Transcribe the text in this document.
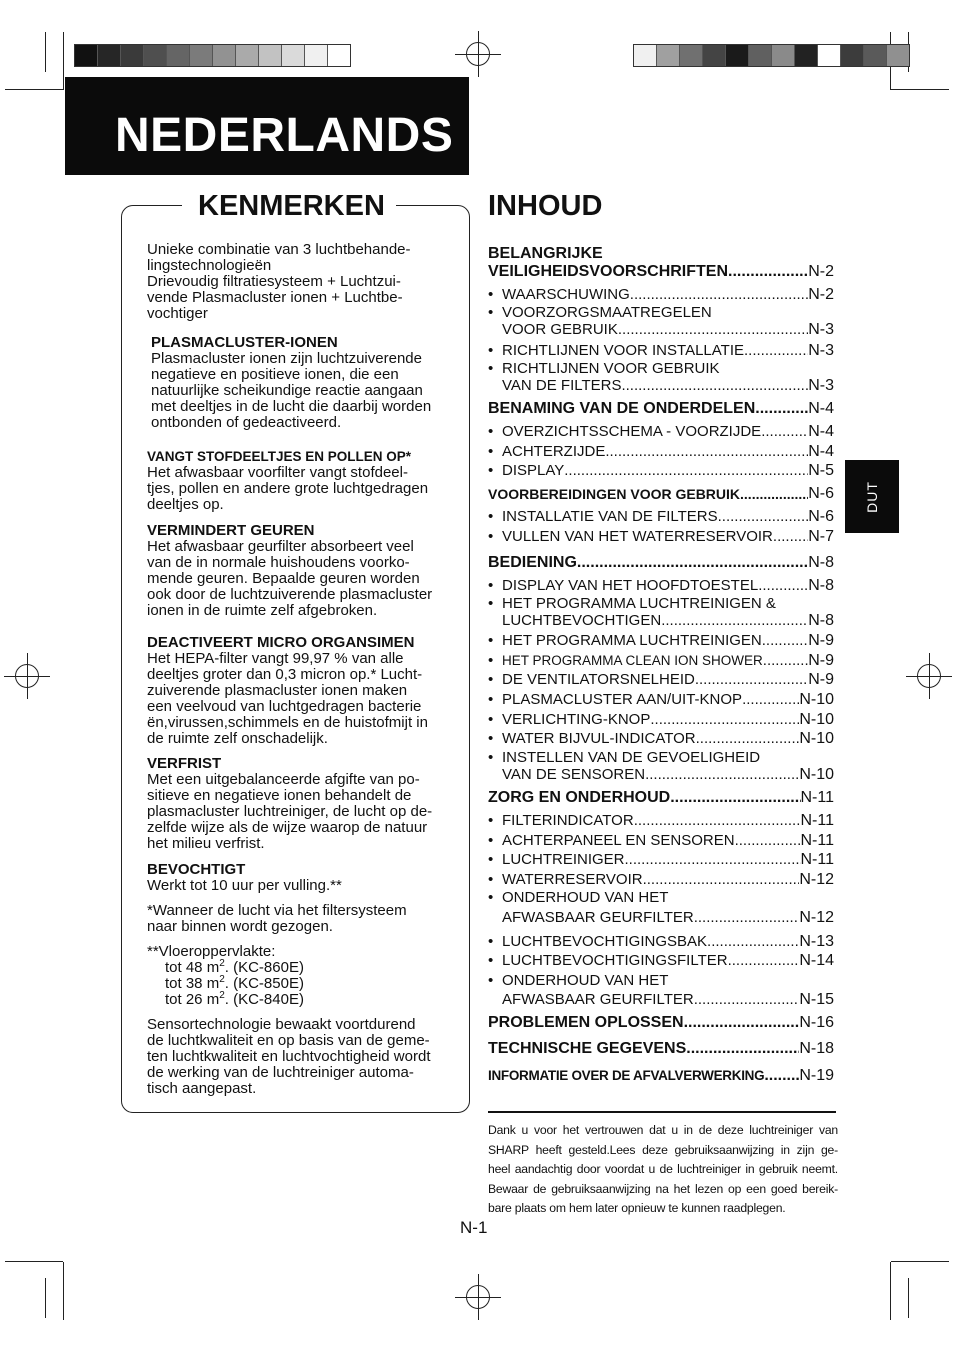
NEDERLANDS
KENMERKEN	INHOUD

Unieke combinatie van 3 luchtbehande-

lingstechnologieën

Drievoudig filtratiesysteem + Luchtzui-

vende Plasmacluster ionen + Luchtbe-

vochtiger

PLASMACLUSTER-IONEN

Plasmacluster ionen zijn luchtzuiverende

negatieve en positieve ionen, die een

natuurlijke scheikundige reactie aangaan

met deeltjes in de lucht die daarbij worden

ontbonden of gedeactiveerd.

VANGT STOFDEELTJES EN POLLEN OP*

Het afwasbaar voorfilter vangt stofdeel-

tjes, pollen en andere grote luchtgedragen

deeltjes op.

VERMINDERT GEUREN

Het afwasbaar geurfilter absorbeert veel

van de in normale huishoudens voorko-

mende geuren. Bepaalde geuren worden

ook door de luchtzuiverende plasmacluster

ionen in de ruimte zelf afgebroken.

DEACTIVEERT MICRO ORGANSIMEN

Het HEPA-filter vangt 99,97 % van alle

deeltjes groter dan 0,3 micron op.* Lucht-

zuiverende plasmacluster ionen maken

een veelvoud van luchtgedragen bacterie

ën,virussen,schimmels en de huistofmijt in

de ruimte zelf onschadelijk.

VERFRIST

Met een uitgebalanceerde afgifte van po-

sitieve en negatieve ionen behandelt de

plasmacluster luchtreiniger, de lucht op de-

zelfde wijze als de wijze waarop de natuur

het milieu verfrist.

BEVOCHTIGT

Werkt tot 10 uur per vulling.**

*Wanneer de lucht via het filtersysteem

naar binnen wordt gezogen.

**Vloeroppervlakte:

tot 48 $m^2$. (KC-860E)

tot 38 $m^2$. (KC-850E)

tot 26 $m^2$. (KC-840E)

Sensortechnologie bewaakt voortdurend

de luchtkwaliteit en op basis van de geme-

ten luchtkwaliteit en luchtvochtigheid wordt

de werking van de luchtreiniger automa-

tisch aangepast.

BELANGRIJKE
VEILIGHEIDSVOORSCHRIFTEN .....	N-2
• WAARSCHUWING .....	N-2
• VOORZORGSMAATREGELEN
VOOR GEBRUIK .....	N-3
• RICHTLIJNEN VOOR INSTALLATIE .....	N-3
• RICHTLIJNEN VOOR GEBRUIK
VAN DE FILTERS .....	N-3
BENAMING VAN DE ONDERDELEN .....	N-4
• OVERZICHTSSCHEMA - VOORZIJDE .....	N-4
• ACHTERZIJDE .....	N-4
• DISPLAY .....	N-5
VOORBEREIDINGEN VOOR GEBRUIK .....	N-6
• INSTALLATIE VAN DE FILTERS .....	N-6
• VULLEN VAN HET WATERRESERVOIR ..... N-7
BEDIENING .....	N-8
• DISPLAY VAN HET HOOFDTOESTEL .....	N-8
• HET PROGRAMMA LUCHTREINIGEN &
LUCHTBEVOCHTIGEN .....	N-8
• HET PROGRAMMA LUCHTREINIGEN .....	N-9
• HET PROGRAMMA CLEAN ION SHOWER .....	N-9
• DE VENTILATORSNELHEID .....	N-9
• PLASMACLUSTER AAN/UIT-KNOP .....	N-10
• VERLICHTING-KNOP .....	N-10
• WATER BIJVUL-INDICATOR .....	N-10
• INSTELLEN VAN DE GEVOELIGHEID
VAN DE SENSOREN .....	N-10
ZORG EN ONDERHOUD .....	N-11
• FILTERINDICATOR .....	N-11
• ACHTERPANEEL EN SENSOREN .....	N-11
• LUCHTREINIGER .....	N-11
• WATERRESERVOIR .....	N-12
• ONDERHOUD VAN HET
AFWASBAAR GEURFILTER .....	N-12
• LUCHTBEVOCHTIGINGSBAK .....	N-13
• LUCHTBEVOCHTIGINGSFILTER .....	N-14
• ONDERHOUD VAN HET
AFWASBAAR GEURFILTER .....	N-15
PROBLEMEN OPLOSSEN .....	N-16
TECHNISCHE GEGEVENS .....	N-18
INFORMATIE OVER DE AFVALVERWERKING ..... N-19
Dank u voor het vertrouwen dat u in de deze luchtreiniger van
SHARP heeft gesteld.Lees deze gebruiksaanwijzing in zijn ge-
heel aandachtig door voordat u de luchtreiniger in gebruik neemt.
Bewaar de gebruiksaanwijzing na het lezen op een goed bereik-
bare plaats om hem later opnieuw te kunnen raadplegen.
N-1
DUT
